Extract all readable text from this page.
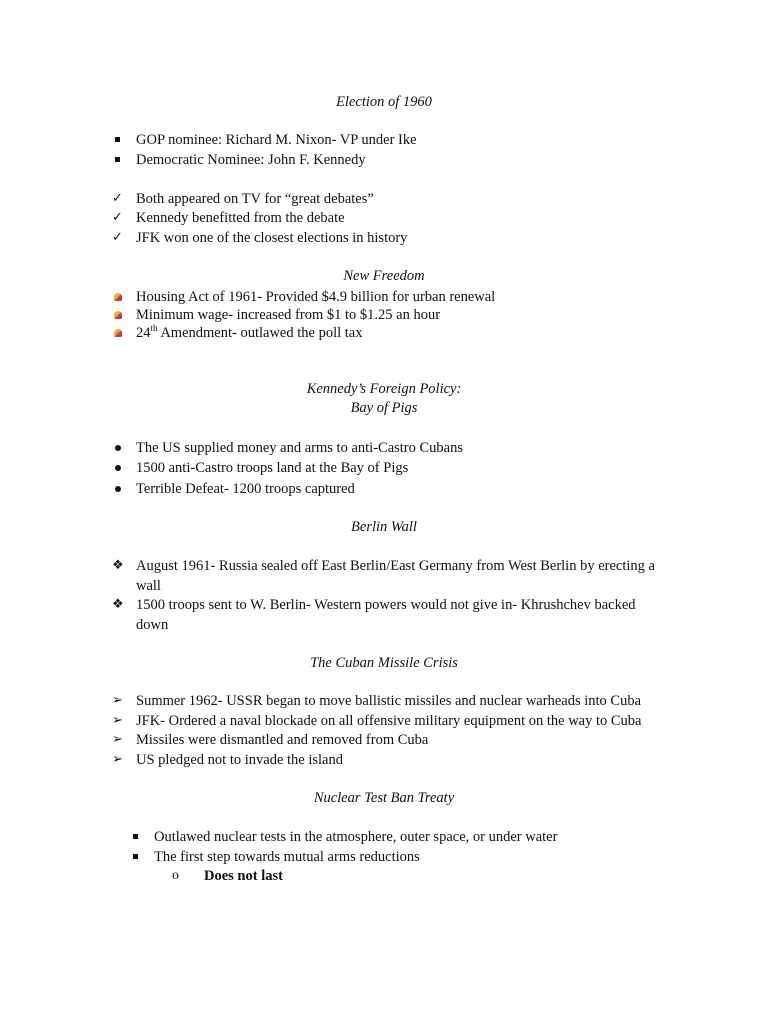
Election of 1960
GOP nominee: Richard M. Nixon- VP under Ike
Democratic Nominee: John F. Kennedy
✓ Both appeared on TV for “great debates”
✓ Kennedy benefitted from the debate
✓ JFK won one of the closest elections in history
New Freedom
Housing Act of 1961- Provided $4.9 billion for urban renewal
Minimum wage- increased from $1 to $1.25 an hour
24th Amendment- outlawed the poll tax
Kennedy’s Foreign Policy:
Bay of Pigs
The US supplied money and arms to anti-Castro Cubans
1500 anti-Castro troops land at the Bay of Pigs
Terrible Defeat- 1200 troops captured
Berlin Wall
❖ August 1961- Russia sealed off East Berlin/East Germany from West Berlin by erecting a
wall
❖ 1500 troops sent to W. Berlin- Western powers would not give in- Khrushchev backed
down
The Cuban Missile Crisis
➢ Summer 1962- USSR began to move ballistic missiles and nuclear warheads into Cuba
➢ JFK- Ordered a naval blockade on all offensive military equipment on the way to Cuba
➢ Missiles were dismantled and removed from Cuba
➢ US pledged not to invade the island
Nuclear Test Ban Treaty
Outlawed nuclear tests in the atmosphere, outer space, or under water
The first step towards mutual arms reductions
o	Does not last
